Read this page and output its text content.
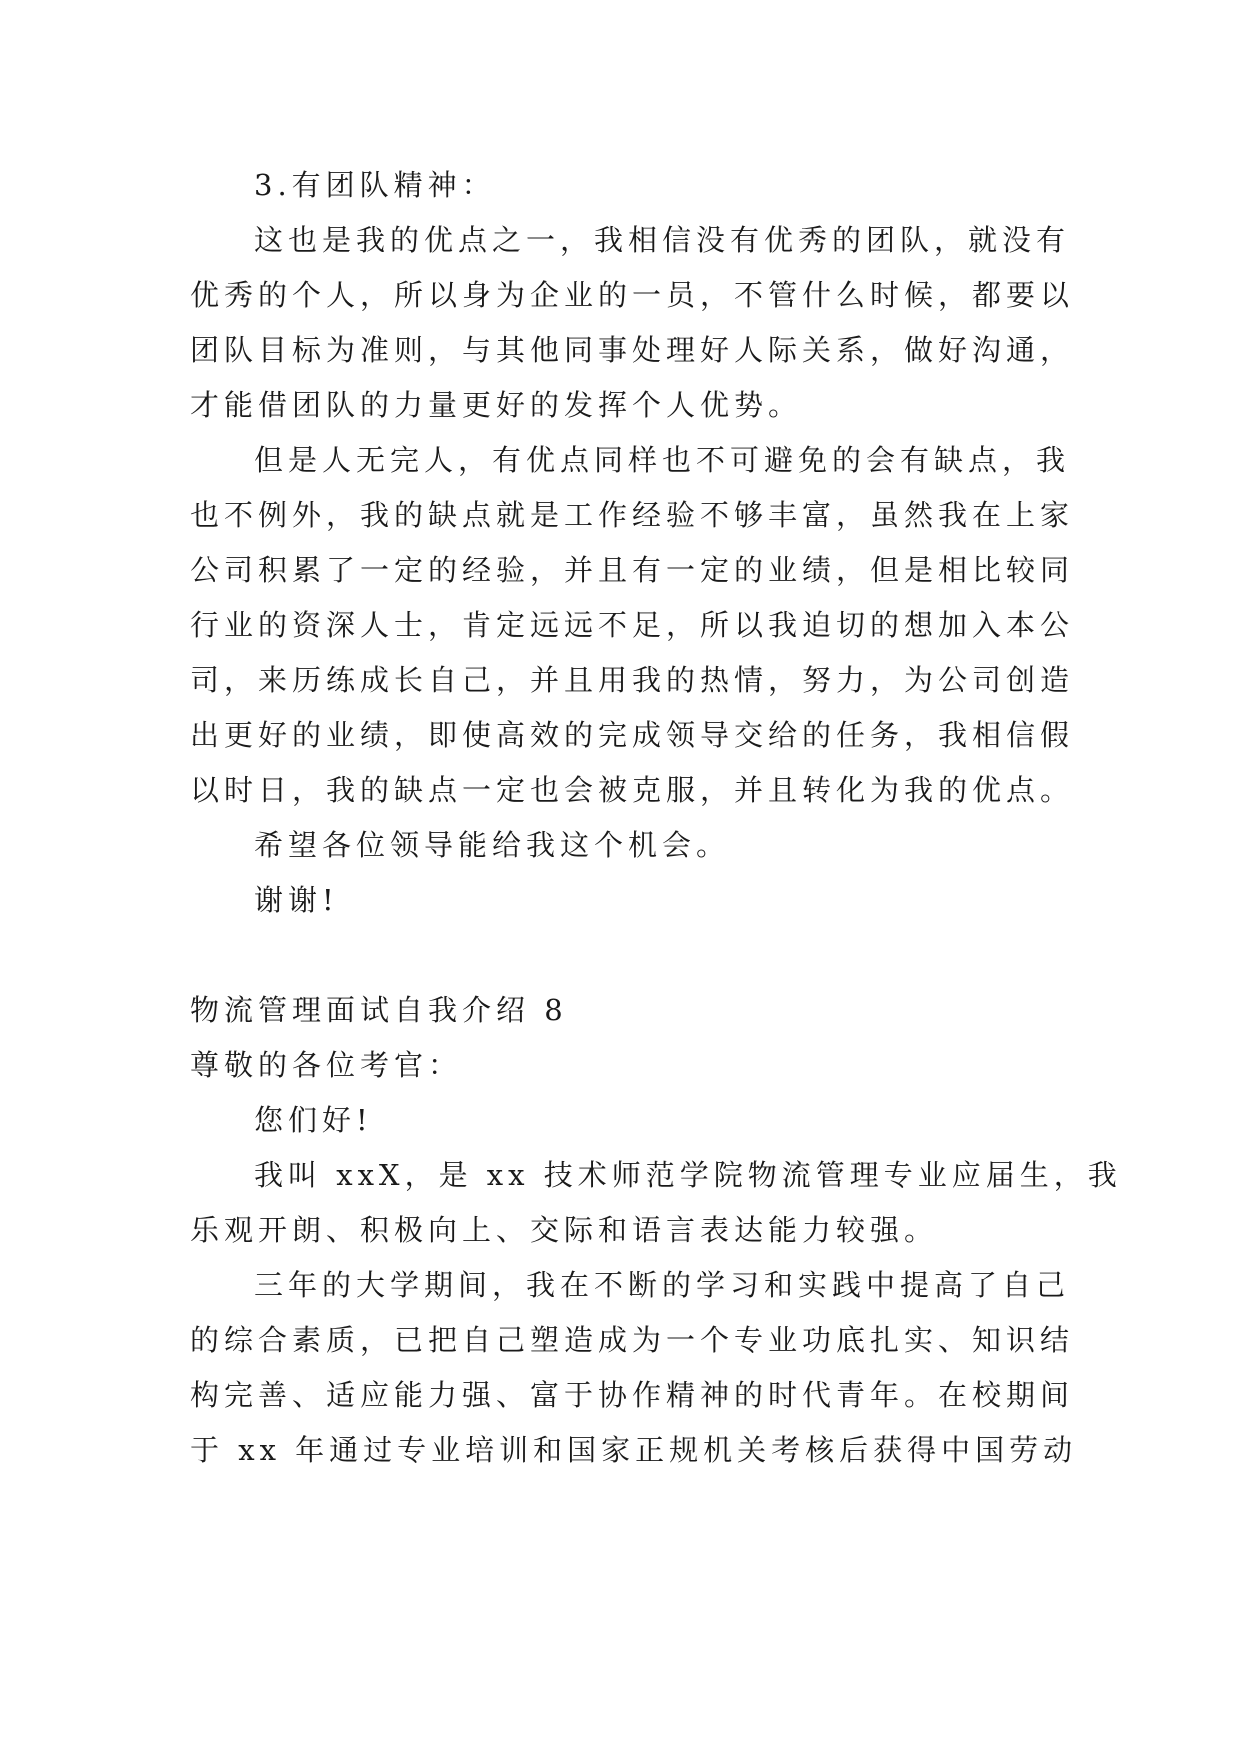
3.有团队精神：
这也是我的优点之一，我相信没有优秀的团队，就没有
优秀的个人，所以身为企业的一员，不管什么时候，都要以
团队目标为准则，与其他同事处理好人际关系，做好沟通，
才能借团队的力量更好的发挥个人优势。
但是人无完人，有优点同样也不可避免的会有缺点，我
也不例外，我的缺点就是工作经验不够丰富，虽然我在上家
公司积累了一定的经验，并且有一定的业绩，但是相比较同
行业的资深人士，肯定远远不足，所以我迫切的想加入本公
司，来历练成长自己，并且用我的热情，努力，为公司创造
出更好的业绩，即使高效的完成领导交给的任务，我相信假
以时日，我的缺点一定也会被克服，并且转化为我的优点。
希望各位领导能给我这个机会。
谢谢!
物流管理面试自我介绍 8
尊敬的各位考官：
您们好!
我叫 xxX，是 xx 技术师范学院物流管理专业应届生，我
乐观开朗、积极向上、交际和语言表达能力较强。
三年的大学期间，我在不断的学习和实践中提高了自己
的综合素质，已把自己塑造成为一个专业功底扎实、知识结
构完善、适应能力强、富于协作精神的时代青年。在校期间
于 xx 年通过专业培训和国家正规机关考核后获得中国劳动
